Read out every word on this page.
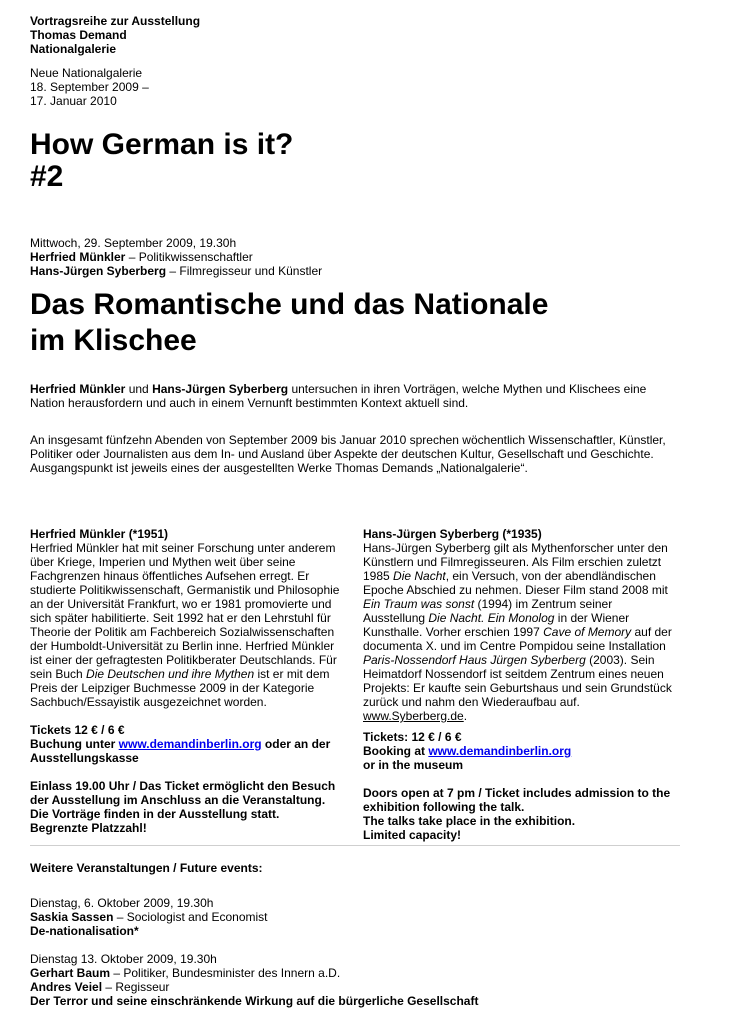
Vortragsreihe zur Ausstellung
Thomas Demand
Nationalgalerie
Neue Nationalgalerie
18. September 2009 –
17. Januar 2010
How German is it?
#2
Mittwoch, 29. September 2009, 19.30h
Herfried Münkler – Politikwissenschaftler
Hans-Jürgen Syberberg – Filmregisseur und Künstler
Das Romantische und das Nationale
im Klischee
Herfried Münkler und Hans-Jürgen Syberberg untersuchen in ihren Vorträgen, welche Mythen und Klischees eine
Nation herausfordern und auch in einem Vernunft bestimmten Kontext aktuell sind.
An insgesamt fünfzehn Abenden von September 2009 bis Januar 2010 sprechen wöchentlich Wissenschaftler, Künstler,
Politiker oder Journalisten aus dem In- und Ausland über Aspekte der deutschen Kultur, Gesellschaft und Geschichte.
Ausgangspunkt ist jeweils eines der ausgestellten Werke Thomas Demands „Nationalgalerie“.
Herfried Münkler (*1951)
Herfried Münkler hat mit seiner Forschung unter anderem
über Kriege, Imperien und Mythen weit über seine
Fachgrenzen hinaus öffentliches Aufsehen erregt. Er
studierte Politikwissenschaft, Germanistik und Philosophie
an der Universität Frankfurt, wo er 1981 promovierte und
sich später habilitierte. Seit 1992 hat er den Lehrstuhl für
Theorie der Politik am Fachbereich Sozialwissenschaften
der Humboldt-Universität zu Berlin inne. Herfried Münkler
ist einer der gefragtesten Politikberater Deutschlands. Für
sein Buch Die Deutschen und ihre Mythen ist er mit dem
Preis der Leipziger Buchmesse 2009 in der Kategorie
Sachbuch/Essayistik ausgezeichnet worden.
Tickets 12 € / 6 €
Buchung unter www.demandinberlin.org oder an der
Ausstellungskasse
Einlass 19.00 Uhr / Das Ticket ermöglicht den Besuch
der Ausstellung im Anschluss an die Veranstaltung.
Die Vorträge finden in der Ausstellung statt.
Begrenzte Platzzahl!
Hans-Jürgen Syberberg (*1935)
Hans-Jürgen Syberberg gilt als Mythenforscher unter den
Künstlern und Filmregisseuren. Als Film erschien zuletzt
1985 Die Nacht, ein Versuch, von der abendländischen
Epoche Abschied zu nehmen. Dieser Film stand 2008 mit
Ein Traum was sonst (1994) im Zentrum seiner
Ausstellung Die Nacht. Ein Monolog in der Wiener
Kunsthalle. Vorher erschien 1997 Cave of Memory auf der
documenta X. und im Centre Pompidou seine Installation
Paris-Nossendorf Haus Jürgen Syberberg (2003). Sein
Heimatdorf Nossendorf ist seitdem Zentrum eines neuen
Projekts: Er kaufte sein Geburtshaus und sein Grundstück
zurück und nahm den Wiederaufbau auf.
www.Syberberg.de.
Tickets: 12 € / 6 €
Booking at www.demandinberlin.org
or in the museum
Doors open at 7 pm / Ticket includes admission to the
exhibition following the talk.
The talks take place in the exhibition.
Limited capacity!
Weitere Veranstaltungen / Future events:
Dienstag, 6. Oktober 2009, 19.30h
Saskia Sassen – Sociologist and Economist
De-nationalisation*
Dienstag 13. Oktober 2009, 19.30h
Gerhart Baum – Politiker, Bundesminister des Innern a.D.
Andres Veiel – Regisseur
Der Terror und seine einschränkende Wirkung auf die bürgerliche Gesellschaft
